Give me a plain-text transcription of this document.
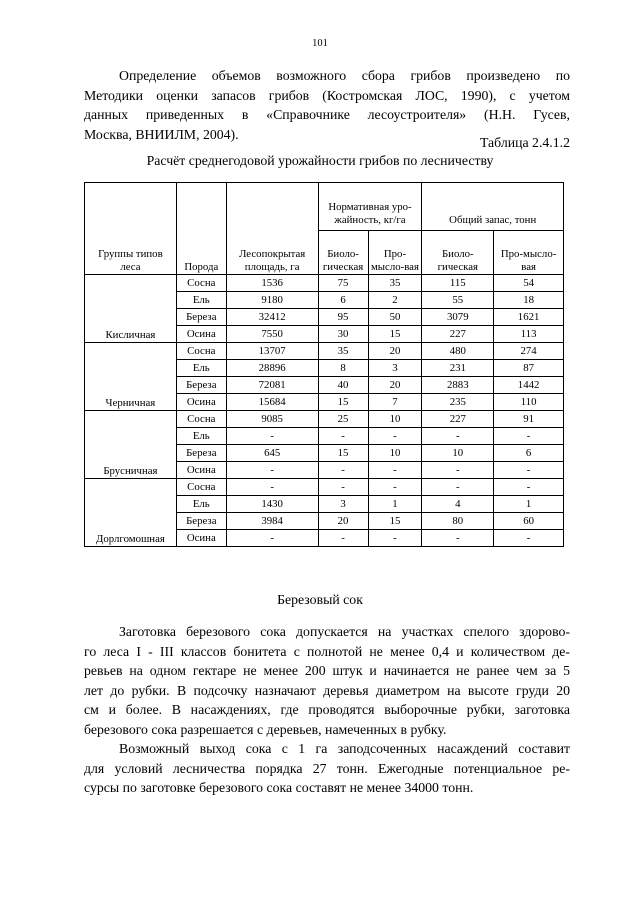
101

Определение объемов возможного сбора грибов произведено по
Методики оценки запасов грибов (Костромская ЛОС, 1990), с учетом
данных приведенных в «Справочнике лесоустроителя» (Н.Н. Гусев,
Москва, ВНИИЛМ, 2004).

Таблица 2.4.1.2
Расчёт среднегодовой урожайности грибов по лесничеству
Группы типов леса	Порода	Лесопокрытая площадь, га	Нормативная уро-жайность, кг/га		Общий запас, тонн	
			Биоло-гическая	Про-мысло-вая	Биоло-гическая	Про-мысло-вая
Кисличная	Сосна	1536	75	35	115	54
	Ель	9180	6	2	55	18
	Береза	32412	95	50	3079	1621
	Осина	7550	30	15	227	113
Черничная	Сосна	13707	35	20	480	274
	Ель	28896	8	3	231	87
	Береза	72081	40	20	2883	1442
	Осина	15684	15	7	235	110
Брусничная	Сосна	9085	25	10	227	91
	Ель	-	-	-	-	-
	Береза	645	15	10	10	6
	Осина	-	-	-	-	-
Дорлгомошная	Сосна	-	-	-	-	-
	Ель	1430	3	1	4	1
	Береза	3984	20	15	80	60
	Осина	-	-	-	-	-
Березовый сок

Заготовка березового сока допускается на участках спелого здорово-
го леса I - III классов бонитета с полнотой не менее 0,4 и количеством де-
ревьев на одном гектаре не менее 200 штук и начинается не ранее чем за 5
лет до рубки. В подсочку назначают деревья диаметром на высоте груди 20
см и более. В насаждениях, где проводятся выборочные рубки, заготовка
березового сока разрешается с деревьев, намеченных в рубку.

Возможный выход сока с 1 га заподсоченных насаждений составит
для условий лесничества порядка 27 тонн. Ежегодные потенциальное ре-
сурсы по заготовке березового сока составят не менее 34000 тонн.
